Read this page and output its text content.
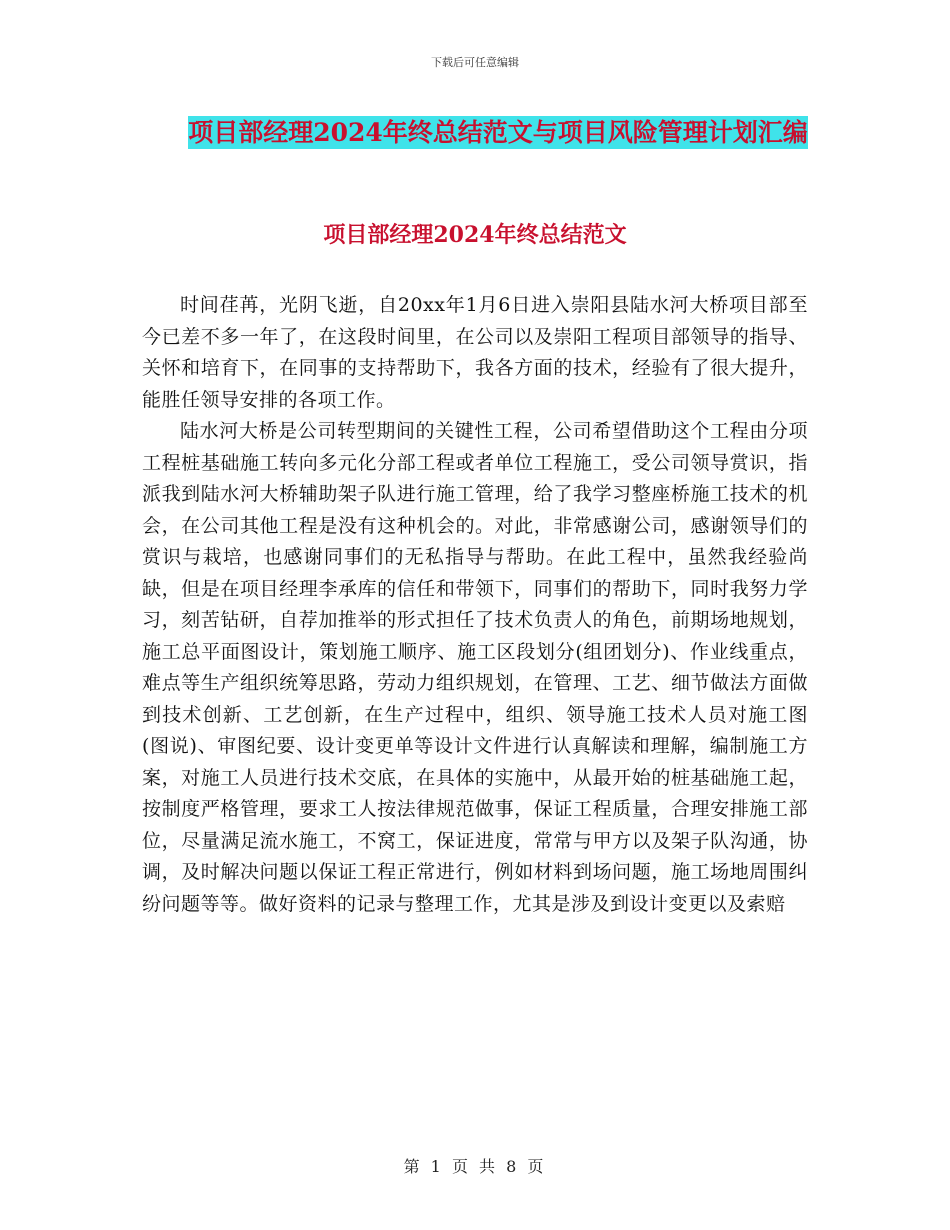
下载后可任意编辑
项目部经理2024年终总结范文与项目风险管理计划汇编
项目部经理2024年终总结范文

时间荏苒，光阴飞逝，自20xx年1月6日进入崇阳县陆水河大桥项目部至今已差不多一年了，在这段时间里，在公司以及崇阳工程项目部领导的指导、关怀和培育下，在同事的支持帮助下，我各方面的技术，经验有了很大提升，能胜任领导安排的各项工作。

陆水河大桥是公司转型期间的关键性工程，公司希望借助这个工程由分项工程桩基础施工转向多元化分部工程或者单位工程施工，受公司领导赏识，指派我到陆水河大桥辅助架子队进行施工管理，给了我学习整座桥施工技术的机会，在公司其他工程是没有这种机会的。对此，非常感谢公司，感谢领导们的赏识与栽培，也感谢同事们的无私指导与帮助。在此工程中，虽然我经验尚缺，但是在项目经理李承库的信任和带领下，同事们的帮助下，同时我努力学习，刻苦钻研，自荐加推举的形式担任了技术负责人的角色，前期场地规划，施工总平面图设计，策划施工顺序、施工区段划分(组团划分)、作业线重点，难点等生产组织统筹思路，劳动力组织规划，在管理、工艺、细节做法方面做到技术创新、工艺创新，在生产过程中，组织、领导施工技术人员对施工图(图说)、审图纪要、设计变更单等设计文件进行认真解读和理解，编制施工方案，对施工人员进行技术交底，在具体的实施中，从最开始的桩基础施工起，按制度严格管理，要求工人按法律规范做事，保证工程质量，合理安排施工部位，尽量满足流水施工，不窝工，保证进度，常常与甲方以及架子队沟通，协调，及时解决问题以保证工程正常进行，例如材料到场问题，施工场地周围纠纷问题等等。做好资料的记录与整理工作，尤其是涉及到设计变更以及索赔

第 1 页 共 8 页
